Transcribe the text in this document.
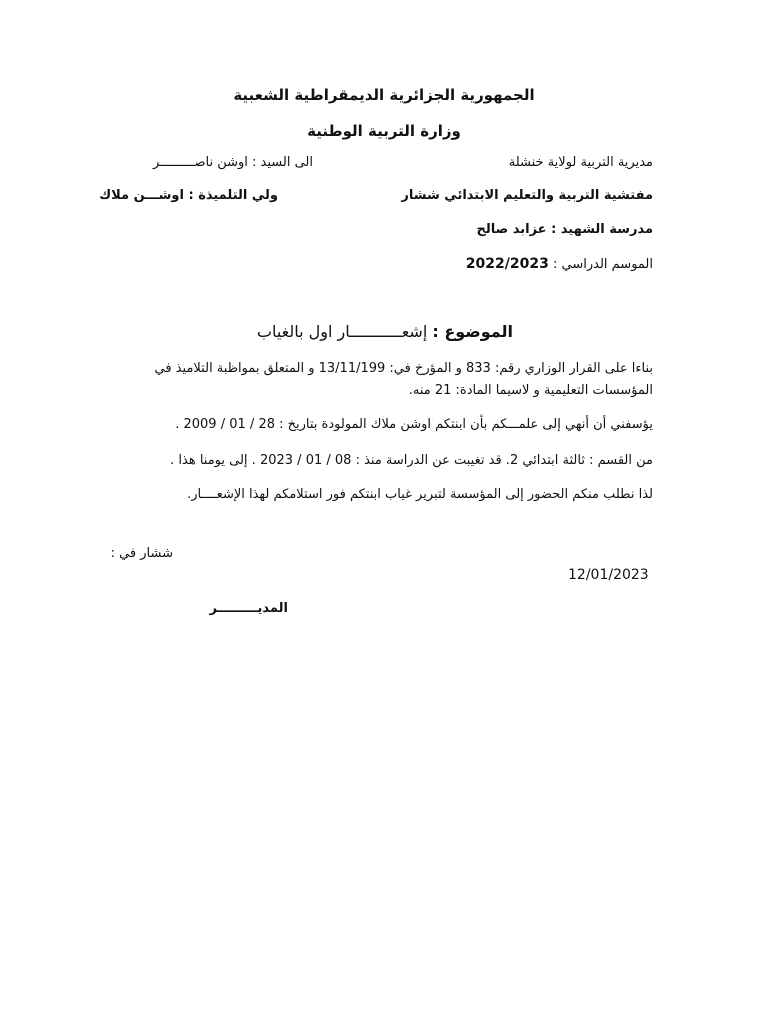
الجمهورية الجزائرية الديمقراطية الشعبية
وزارة التربية الوطنية
مديرية التربية لولاية خنشلة
مفتشية التربية والتعليم الابتدائي ششار
مدرسة الشهيد : عزابد صالح
الموسم الدراسي : 2022/2023
الى السيد : اوشن ناصـــــــــر
ولي التلميذة : اوشـــن ملاك
الموضوع : إشعـــــــــــار اول بالغياب
بناءا على القرار الوزاري رقم: 833 و المؤرخ في: 13/11/199 و المتعلق بمواظبة التلاميذ في المؤسسات التعليمية و لاسيما المادة: 21 منه.
يؤسفني أن أنهي إلى علمـــكم بأن ابنتكم اوشن ملاك المولودة بتاريخ : 28 / 01 / 2009 .
من القسم : ثالثة ابتدائي 2. قد تغيبت عن الدراسة منذ : 08 / 01 / 2023 . إلى يومنا هذا .
لذا نطلب منكم الحضور إلى المؤسسة لتبرير غياب ابنتكم فور استلامكم لهذا الإشعــــار.
ششار في :
12/01/2023
المديـــــــــر
